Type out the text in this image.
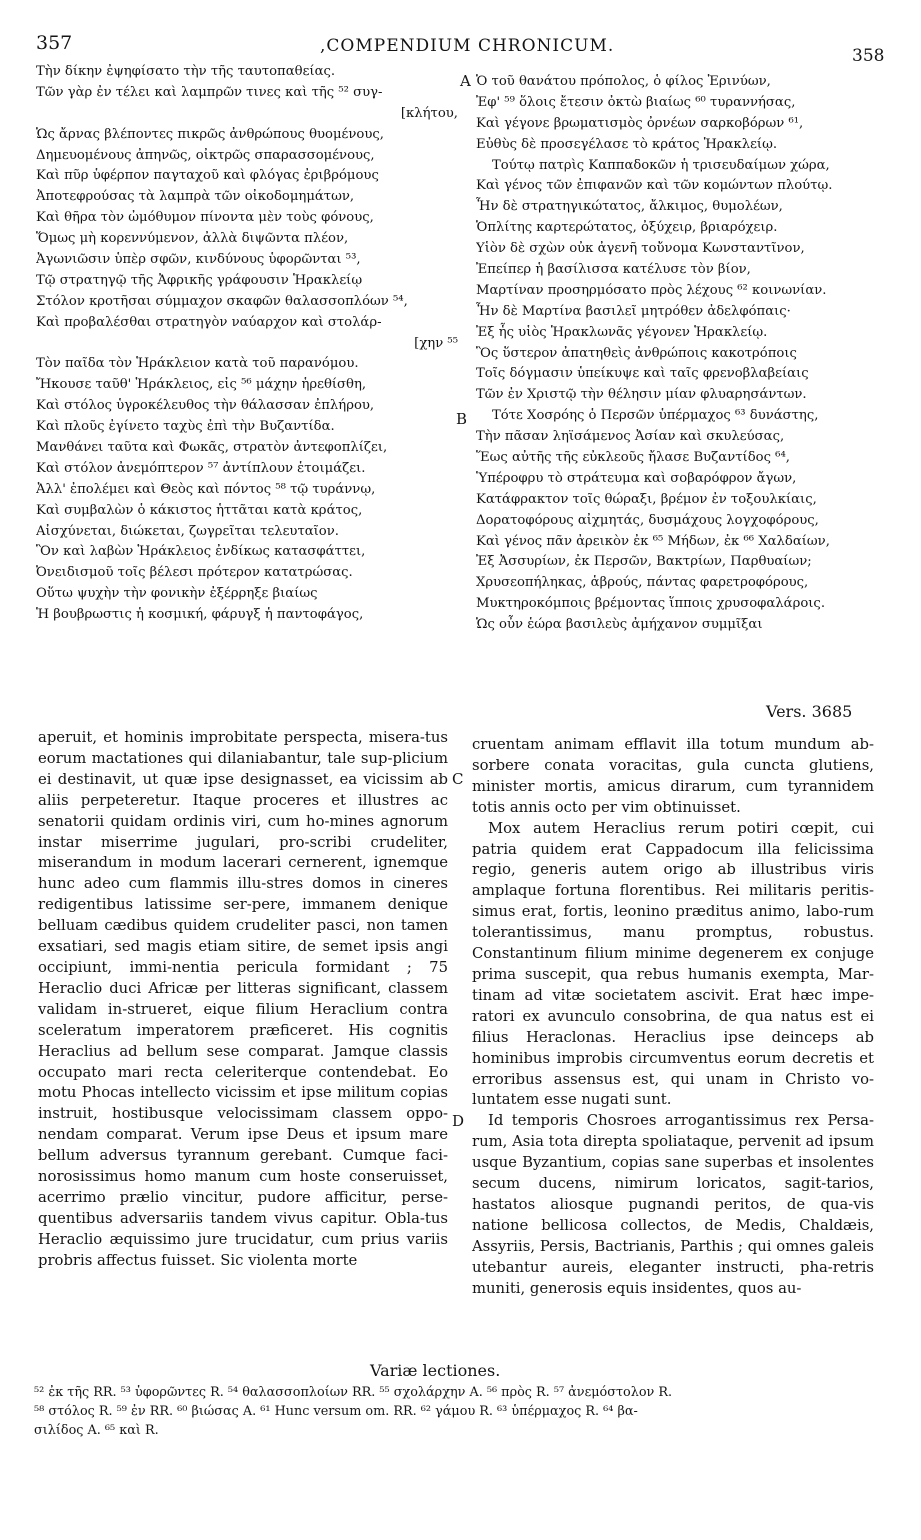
357	,COMPENDIUM CHRONICUM.	358
Τὴν δίκην ἐψηφίσατο τὴν τῆς ταυτοπαθείας.
Τῶν γὰρ ἐν τέλει καὶ λαμπρῶν τινες καὶ τῆς ⁵² συγ-
[κλήτου,
Ὡς ἄρνας βλέποντες πικρῶς ἀνθρώπους θυομένους,
Δημευομένους ἀπηνῶς, οἰκτρῶς σπαρασσομένους,
Καὶ πῦρ ὑφέρπον παγταχοῦ καὶ φλόγας ἐριβρόμους
Ἀποτεφρούσας τὰ λαμπρὰ τῶν οἰκοδομημάτων,
Καὶ θῆρα τὸν ὠμόθυμον πίνοντα μὲν τοὺς φόνους,
Ὅμως μὴ κορεννύμενον, ἀλλὰ διψῶντα πλέον,
Ἀγωνιῶσιν ὑπὲρ σφῶν, κινδύνους ὑφορῶνται ⁵³,
Τῷ στρατηγῷ τῆς Ἀφρικῆς γράφουσιν Ἡρακλείῳ
Στόλον κροτῆσαι σύμμαχον σκαφῶν θαλασσοπλόων ⁵⁴,
Καὶ προβαλέσθαι στρατηγὸν ναύαρχον καὶ στολάρ-
[χην ⁵⁵
Τὸν παῖδα τὸν Ἡράκλειον κατὰ τοῦ παρανόμου.
Ἤκουσε ταῦθ' Ἡράκλειος, εἰς ⁵⁶ μάχην ἡρεθίσθη,
Καὶ στόλος ὑγροκέλευθος τὴν θάλασσαν ἐπλήρου,
Καὶ πλοῦς ἐγίνετο ταχὺς ἐπὶ τὴν Βυζαντίδα.
Μανθάνει ταῦτα καὶ Φωκᾶς, στρατὸν ἀντεφοπλίζει,
Καὶ στόλον ἀνεμόπτερον ⁵⁷ ἀντίπλουν ἑτοιμάζει.
Ἀλλ' ἐπολέμει καὶ Θεὸς καὶ πόντος ⁵⁸ τῷ τυράννῳ,
Καὶ συμβαλὼν ὁ κάκιστος ἡττᾶται κατὰ κράτος,
Αἰσχύνεται, διώκεται, ζωγρεῖται τελευταῖον.
Ὃν καὶ λαβὼν Ἡράκλειος ἐνδίκως κατασφάττει,
Ὀνειδισμοῦ τοῖς βέλεσι πρότερον κατατρώσας.
Οὕτω ψυχὴν τὴν φονικὴν ἐξέρρηξε βιαίως
Ἡ βουβρωστις ἡ κοσμική, φάρυγξ ἡ παντοφάγος,
A
B
Ὁ τοῦ θανάτου πρόπολος, ὁ φίλος Ἐρινύων,
Ἐφ' ⁵⁹ ὅλοις ἔτεσιν ὀκτὼ βιαίως ⁶⁰ τυραννήσας,
Καὶ γέγονε βρωματισμὸς ὀρνέων σαρκοβόρων ⁶¹,
Εὐθὺς δὲ προσεγέλασε τὸ κράτος Ἡρακλείῳ.
Τούτῳ πατρὶς Καππαδοκῶν ἡ τρισευδαίμων χώρα,
Καὶ γένος τῶν ἐπιφανῶν καὶ τῶν κομώντων πλούτῳ.
Ἦν δὲ στρατηγικώτατος, ἄλκιμος, θυμολέων,
Ὁπλίτης καρτερώτατος, ὀξύχειρ, βριαρόχειρ.
Υἱὸν δὲ σχὼν οὐκ ἀγενῆ τοὔνομα Κωνσταντῖνον,
Ἐπείπερ ἡ βασίλισσα κατέλυσε τὸν βίον,
Μαρτίναν προσηρμόσατο πρὸς λέχους ⁶² κοινωνίαν.
Ἦν δὲ Μαρτίνα βασιλεῖ μητρόθεν ἀδελφόπαις·
Ἐξ ἧς υἱὸς Ἡρακλωνᾶς γέγονεν Ἡρακλείῳ.
Ὃς ὕστερον ἀπατηθεὶς ἀνθρώποις κακοτρόποις
Τοῖς δόγμασιν ὑπείκυψε καὶ ταῖς φρενοβλαβείαις
Τῶν ἐν Χριστῷ τὴν θέλησιν μίαν φλυαρησάντων.
Τότε Χοσρόης ὁ Περσῶν ὑπέρμαχος ⁶³ δυνάστης,
Τὴν πᾶσαν ληϊσάμενος Ἀσίαν καὶ σκυλεύσας,
Ἕως αὐτῆς τῆς εὐκλεοῦς ἤλασε Βυζαντίδος ⁶⁴,
Ὑπέροφρυ τὸ στράτευμα καὶ σοβαρόφρον ἄγων,
Κατάφρακτον τοῖς θώραξι, βρέμον ἐν τοξουλκίαις,
Δορατοφόρους αἰχμητάς, δυσμάχους λογχοφόρους,
Καὶ γένος πᾶν ἀρεικὸν ἐκ ⁶⁵ Μήδων, ἐκ ⁶⁶ Χαλδαίων,
Ἐξ Ἀσσυρίων, ἐκ Περσῶν, Βακτρίων, Παρθυαίων;
Χρυσεοπήληκας, ἁβρούς, πάντας φαρετροφόρους,
Μυκτηροκόμποις βρέμοντας ἵπποις χρυσοφαλάροις.
Ὡς οὖν ἑώρα βασιλεὺς ἀμήχανον συμμῖξαι
Vers. 3685

aperuit, et hominis improbitate perspecta, misera-tus eorum mactationes qui dilaniabantur, tale sup-plicium ei destinavit, ut quæ ipse designasset, ea vicissim ab aliis perpeteretur. Itaque proceres et illustres ac senatorii quidam ordinis viri, cum ho-mines agnorum instar miserrime jugulari, pro-scribi crudeliter, miserandum in modum lacerari cernerent, ignemque hunc adeo cum flammis illu-stres domos in cineres redigentibus latissime ser-pere, immanem denique belluam cædibus quidem crudeliter pasci, non tamen exsatiari, sed magis etiam sitire, de semet ipsis angi occipiunt, immi-nentia pericula formidant ; 75 Heraclio duci Africæ per litteras significant, classem validam in-strueret, eique filium Heraclium contra sceleratum imperatorem præficeret. His cognitis Heraclius ad bellum sese comparat. Jamque classis occupato mari recta celeriterque contendebat. Eo motu Phocas intellecto vicissim et ipse militum copias instruit, hostibusque velocissimam classem oppo-nendam comparat. Verum ipse Deus et ipsum mare bellum adversus tyrannum gerebant. Cumque faci-norosissimus homo manum cum hoste conseruisset, acerrimo prælio vincitur, pudore afficitur, perse-quentibus adversariis tandem vivus capitur. Obla-tus Heraclio æquissimo jure trucidatur, cum prius variis probris affectus fuisset. Sic violenta morte

C
D

cruentam animam efflavit illa totum mundum ab-sorbere conata voracitas, gula cuncta glutiens, minister mortis, amicus dirarum, cum tyrannidem totis annis octo per vim obtinuisset.

Mox autem Heraclius rerum potiri cœpit, cui patria quidem erat Cappadocum illa felicissima regio, generis autem origo ab illustribus viris amplaque fortuna florentibus. Rei militaris peritis-simus erat, fortis, leonino præditus animo, labo-rum tolerantissimus, manu promptus, robustus. Constantinum filium minime degenerem ex conjuge prima suscepit, qua rebus humanis exempta, Mar-tinam ad vitæ societatem ascivit. Erat hæc impe-ratori ex avunculo consobrina, de qua natus est ei filius Heraclonas. Heraclius ipse deinceps ab hominibus improbis circumventus eorum decretis et erroribus assensus est, qui unam in Christo vo-luntatem esse nugati sunt.

Id temporis Chosroes arrogantissimus rex Persa-rum, Asia tota direpta spoliataque, pervenit ad ipsum usque Byzantium, copias sane superbas et insolentes secum ducens, nimirum loricatos, sagit-tarios, hastatos aliosque pugnandi peritos, de qua-vis natione bellicosa collectos, de Medis, Chaldæis, Assyriis, Persis, Bactrianis, Parthis ; qui omnes galeis utebantur aureis, eleganter instructi, pha-retris muniti, generosis equis insidentes, quos au-

Variæ lectiones.
⁵² ἐκ τῆς RR. ⁵³ ὑφορῶντες R. ⁵⁴ θαλασσοπλοίων RR. ⁵⁵ σχολάρχην A. ⁵⁶ πρὸς R. ⁵⁷ ἀνεμόστολον R.
⁵⁸ στόλος R. ⁵⁹ ἐν RR. ⁶⁰ βιώσας A. ⁶¹ Hunc versum om. RR. ⁶² γάμου R. ⁶³ ὑπέρμαχος R. ⁶⁴ βα-
σιλίδος A. ⁶⁵ καὶ R.
